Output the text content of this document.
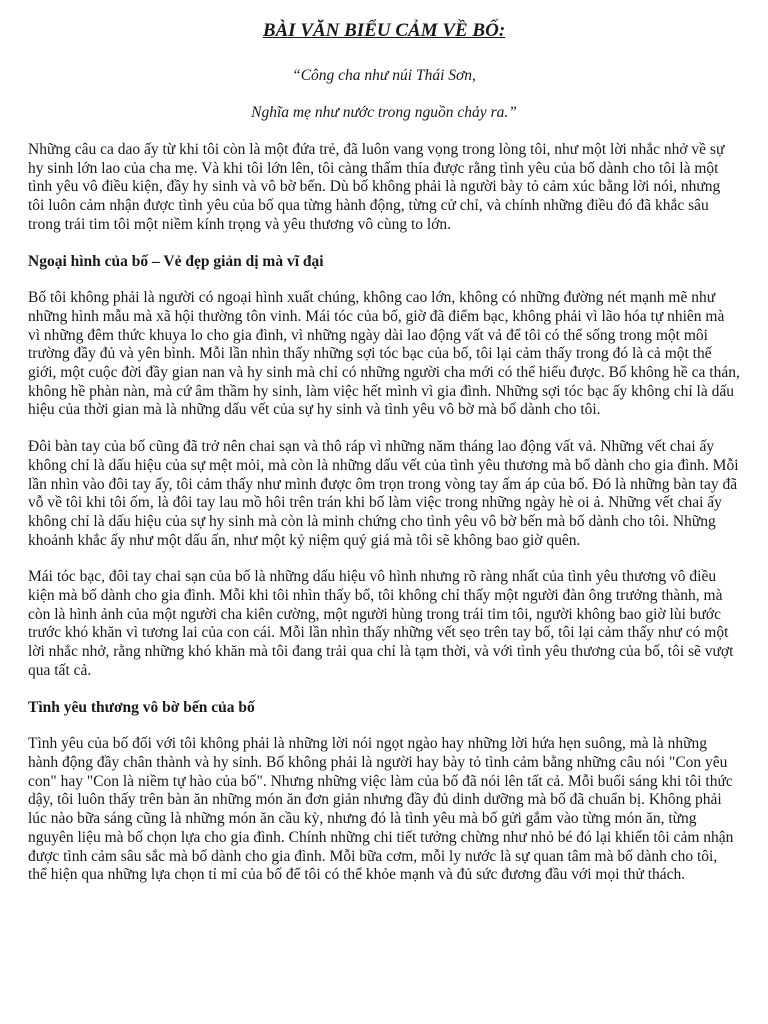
BÀI VĂN BIỂU CẢM VỀ BỐ:

“Công cha như núi Thái Sơn,

Nghĩa mẹ như nước trong nguồn chảy ra.”

Những câu ca dao ấy từ khi tôi còn là một đứa trẻ, đã luôn vang vọng trong lòng tôi, như một lời nhắc nhở về sự hy sinh lớn lao của cha mẹ. Và khi tôi lớn lên, tôi càng thấm thía được rằng tình yêu của bố dành cho tôi là một tình yêu vô điều kiện, đầy hy sinh và vô bờ bến. Dù bố không phải là người bày tỏ cảm xúc bằng lời nói, nhưng tôi luôn cảm nhận được tình yêu của bố qua từng hành động, từng cử chỉ, và chính những điều đó đã khắc sâu trong trái tim tôi một niềm kính trọng và yêu thương vô cùng to lớn.

Ngoại hình của bố – Vẻ đẹp giản dị mà vĩ đại

Bố tôi không phải là người có ngoại hình xuất chúng, không cao lớn, không có những đường nét mạnh mẽ như những hình mẫu mà xã hội thường tôn vinh. Mái tóc của bố, giờ đã điểm bạc, không phải vì lão hóa tự nhiên mà vì những đêm thức khuya lo cho gia đình, vì những ngày dài lao động vất vả để tôi có thể sống trong một môi trường đầy đủ và yên bình. Mỗi lần nhìn thấy những sợi tóc bạc của bố, tôi lại cảm thấy trong đó là cả một thế giới, một cuộc đời đầy gian nan và hy sinh mà chỉ có những người cha mới có thể hiểu được. Bố không hề ca thán, không hề phàn nàn, mà cứ âm thầm hy sinh, làm việc hết mình vì gia đình. Những sợi tóc bạc ấy không chỉ là dấu hiệu của thời gian mà là những dấu vết của sự hy sinh và tình yêu vô bờ mà bố dành cho tôi.

Đôi bàn tay của bố cũng đã trở nên chai sạn và thô ráp vì những năm tháng lao động vất vả. Những vết chai ấy không chỉ là dấu hiệu của sự mệt mỏi, mà còn là những dấu vết của tình yêu thương mà bố dành cho gia đình. Mỗi lần nhìn vào đôi tay ấy, tôi cảm thấy như mình được ôm trọn trong vòng tay ấm áp của bố. Đó là những bàn tay đã vỗ về tôi khi tôi ốm, là đôi tay lau mồ hôi trên trán khi bố làm việc trong những ngày hè oi ả. Những vết chai ấy không chỉ là dấu hiệu của sự hy sinh mà còn là minh chứng cho tình yêu vô bờ bến mà bố dành cho tôi. Những khoảnh khắc ấy như một dấu ấn, như một kỷ niệm quý giá mà tôi sẽ không bao giờ quên.

Mái tóc bạc, đôi tay chai sạn của bố là những dấu hiệu vô hình nhưng rõ ràng nhất của tình yêu thương vô điều kiện mà bố dành cho gia đình. Mỗi khi tôi nhìn thấy bố, tôi không chỉ thấy một người đàn ông trưởng thành, mà còn là hình ảnh của một người cha kiên cường, một người hùng trong trái tim tôi, người không bao giờ lùi bước trước khó khăn vì tương lai của con cái. Mỗi lần nhìn thấy những vết sẹo trên tay bố, tôi lại cảm thấy như có một lời nhắc nhở, rằng những khó khăn mà tôi đang trải qua chỉ là tạm thời, và với tình yêu thương của bố, tôi sẽ vượt qua tất cả.

Tình yêu thương vô bờ bến của bố

Tình yêu của bố đối với tôi không phải là những lời nói ngọt ngào hay những lời hứa hẹn suông, mà là những hành động đầy chân thành và hy sinh. Bố không phải là người hay bày tỏ tình cảm bằng những câu nói "Con yêu con" hay "Con là niềm tự hào của bố". Nhưng những việc làm của bố đã nói lên tất cả. Mỗi buổi sáng khi tôi thức dậy, tôi luôn thấy trên bàn ăn những món ăn đơn giản nhưng đầy đủ dinh dưỡng mà bố đã chuẩn bị. Không phải lúc nào bữa sáng cũng là những món ăn cầu kỳ, nhưng đó là tình yêu mà bố gửi gắm vào từng món ăn, từng nguyên liệu mà bố chọn lựa cho gia đình. Chính những chi tiết tưởng chừng như nhỏ bé đó lại khiến tôi cảm nhận được tình cảm sâu sắc mà bố dành cho gia đình. Mỗi bữa cơm, mỗi ly nước là sự quan tâm mà bố dành cho tôi, thể hiện qua những lựa chọn tỉ mỉ của bố để tôi có thể khỏe mạnh và đủ sức đương đầu với mọi thử thách.
